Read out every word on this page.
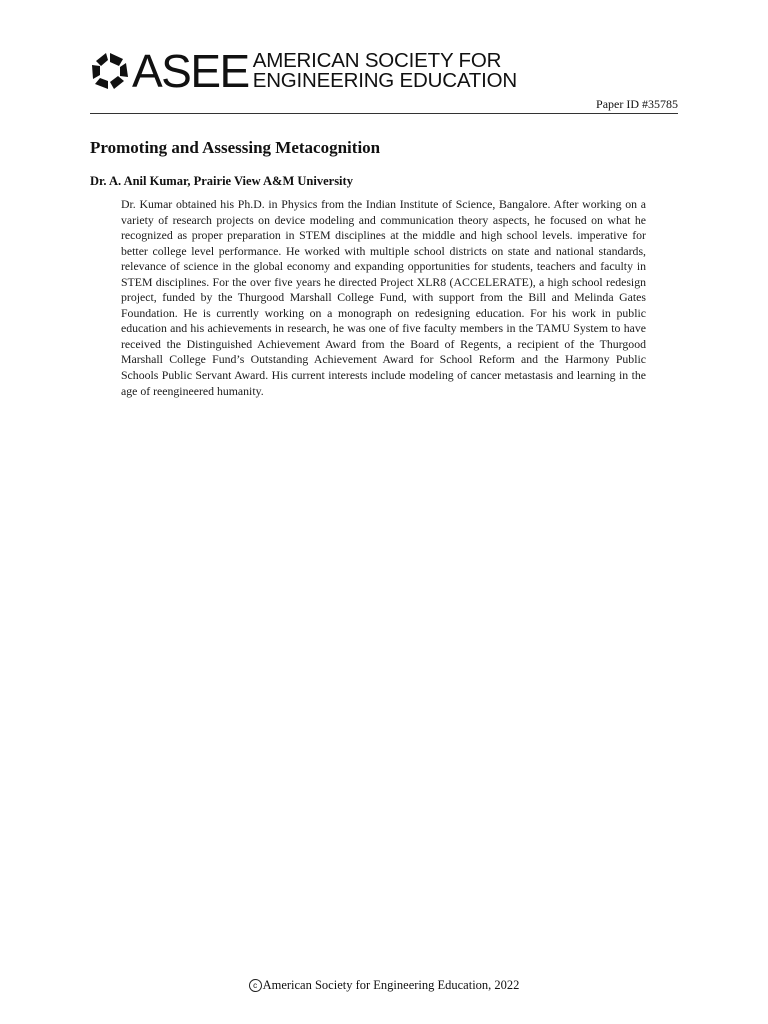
ASEE AMERICAN SOCIETY FOR
ENGINEERING EDUCATION
Paper ID #35785
Promoting and Assessing Metacognition
Dr. A. Anil Kumar, Prairie View A&M University

Dr. Kumar obtained his Ph.D. in Physics from the Indian Institute of Science, Bangalore. After working on a variety of research projects on device modeling and communication theory aspects, he focused on what he recognized as proper preparation in STEM disciplines at the middle and high school levels. imperative for better college level performance. He worked with multiple school districts on state and national standards, relevance of science in the global economy and expanding opportunities for students, teachers and faculty in STEM disciplines. For the over five years he directed Project XLR8 (ACCELERATE), a high school redesign project, funded by the Thurgood Marshall College Fund, with support from the Bill and Melinda Gates Foundation. He is currently working on a monograph on redesigning education. For his work in public education and his achievements in research, he was one of five faculty members in the TAMU System to have received the Distinguished Achievement Award from the Board of Regents, a recipient of the Thurgood Marshall College Fund’s Outstanding Achievement Award for School Reform and the Harmony Public Schools Public Servant Award. His current interests include modeling of cancer metastasis and learning in the age of reengineered humanity.

c American Society for Engineering Education, 2022
